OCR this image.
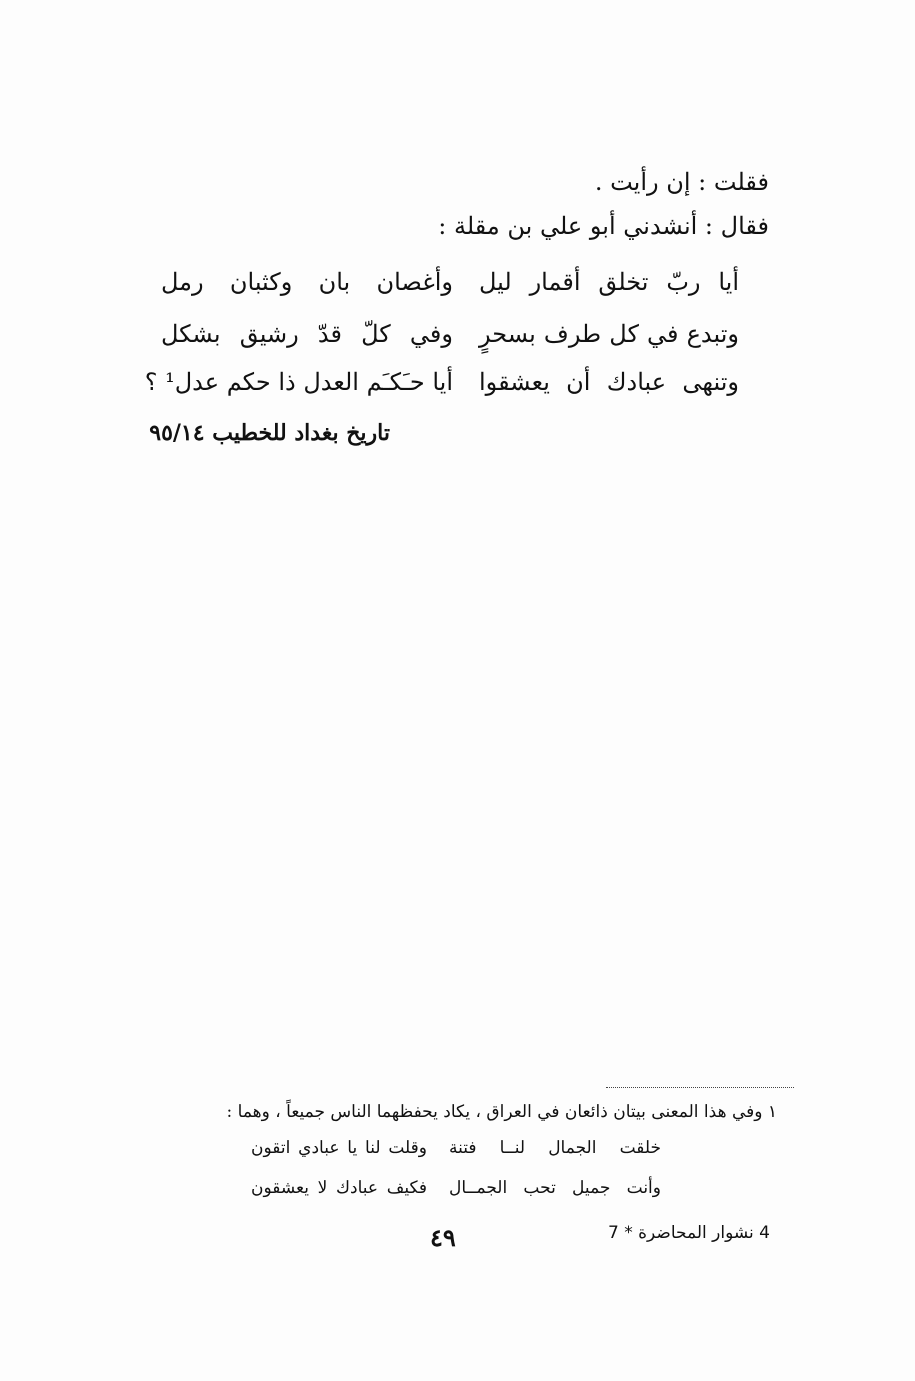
فقلت : إن رأيت .
فقال : أنشدني أبو علي بن مقلة :
أيا ربّ تخلق أقمار ليل
وأغصان بان وكثبان رمل
وتبدع في كل طرف بسحرٍ
وفي كلّ قدّ رشيق بشكل
وتنهى عبادك أن يعشقوا
أيا حـَكـَم العدل ذا حكم عدل¹ ؟
تاريخ بغداد للخطيب ٩٥/١٤
١ وفي هذا المعنى بيتان ذائعان في العراق ، يكاد يحفظهما الناس جميعاً ، وهما :
خلقت الجمال لنــا فتنة
وقلت لنا يا عبادي اتقون
وأنت جميل تحب الجمــال
فكيف عبادك لا يعشقون
٤٩	4 نشوار المحاضرة * 7
